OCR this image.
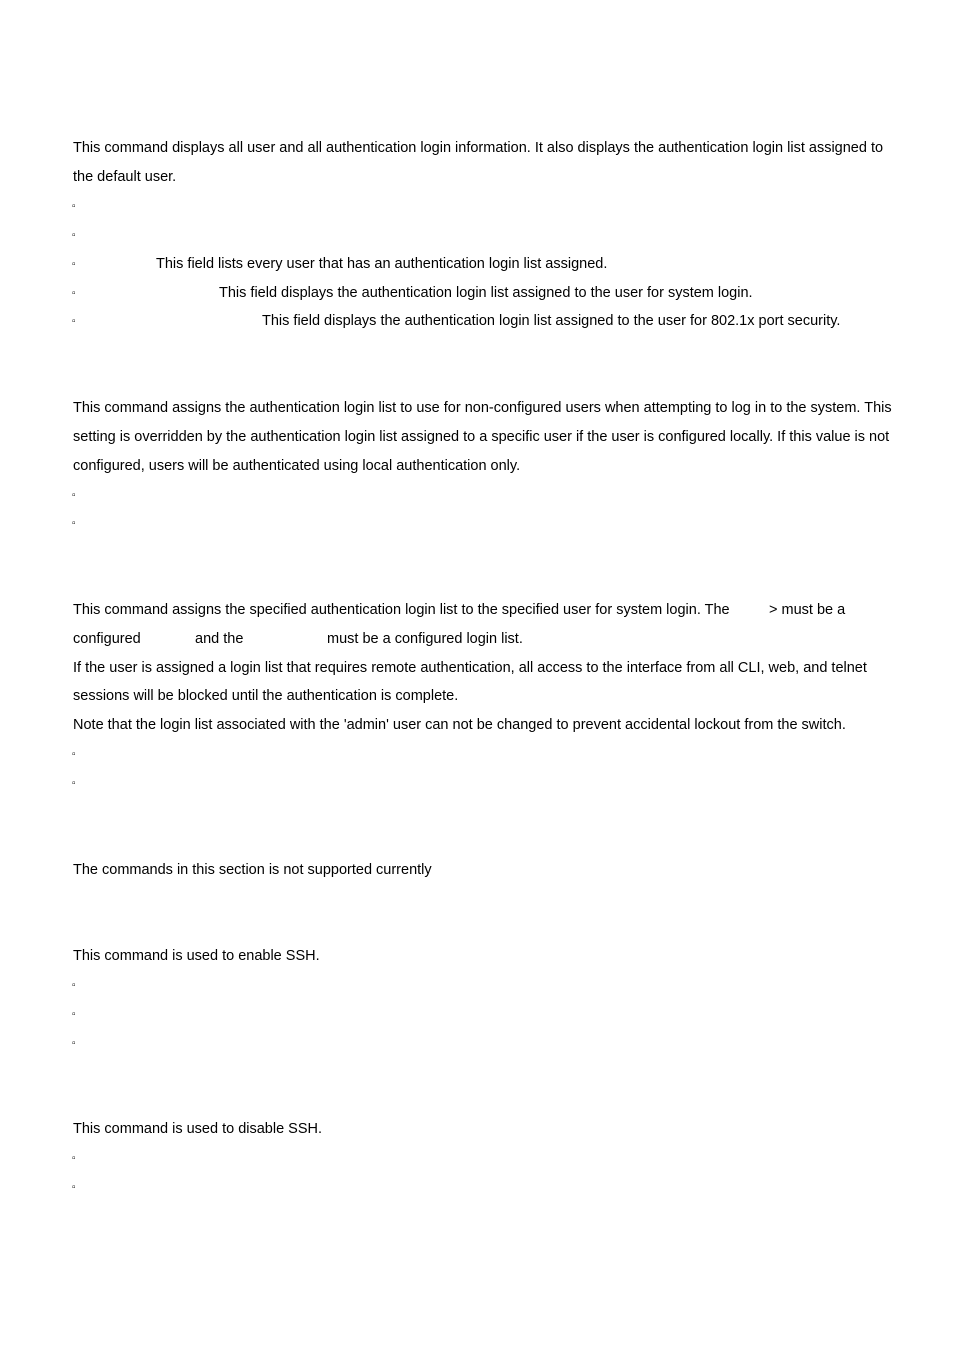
This command displays all user and all authentication login information. It also displays the authentication login list assigned to
the default user.
▫
▫
▫
This field lists every user that has an authentication login list assigned.
▫
This field displays the authentication login list assigned to the user for system login.
▫
This field displays the authentication login list assigned to the user for 802.1x port security.
This command assigns the authentication login list to use for non-configured users when attempting to log in to the system. This
setting is overridden by the authentication login list assigned to a specific user if the user is configured locally. If this value is not
configured, users will be authenticated using local authentication only.
▫
▫
This command assigns the specified authentication login list to the specified user for system login. The	> must be a
configured	and the	must be a configured login list.
If the user is assigned a login list that requires remote authentication, all access to the interface from all CLI, web, and telnet
sessions will be blocked until the authentication is complete.
Note that the login list associated with the 'admin' user can not be changed to prevent accidental lockout from the switch.
▫
▫
The commands in this section is not supported currently
This command is used to enable SSH.
▫
▫
▫
This command is used to disable SSH.
▫
▫
